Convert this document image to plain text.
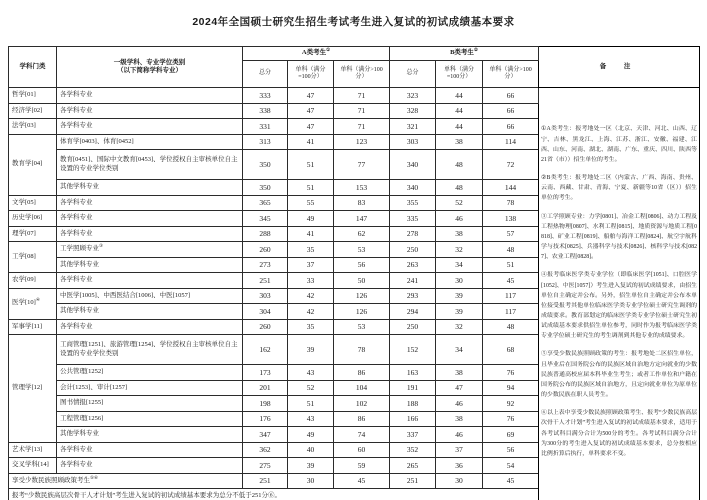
2024年全国硕士研究生招生考试考生进入复试的初试成绩基本要求
学科门类	一级学科、专业学位类别
（以下简称学科专业）	A类考生①			B类考生②			备 注
		总分	单科（满分=100分）	单科（满分>100分）	总分	单科（满分=100分）	单科（满分>100分）	
哲学[01]	各学科专业	333	47	71	323	44	66	

①A类考生：报考地处一区（北京、天津、河北、山西、辽宁、吉林、黑龙江、上海、江苏、浙江、安徽、福建、江西、山东、河南、湖北、湖南、广东、重庆、四川、陕西等21省（市））招生单位的考生。

②B类考生：报考地处二区（内蒙古、广西、海南、贵州、云南、西藏、甘肃、青海、宁夏、新疆等10省（区））招生单位的考生。

③工学照顾专业：力学[0801]、冶金工程[0806]、动力工程及工程热物理[0807]、水利工程[0815]、地质资源与地质工程[0818]、矿业工程[0819]、船舶与海洋工程[0824]、航空宇航科学与技术[0825]、兵器科学与技术[0826]、核科学与技术[0827]、农业工程[0828]。

④报考临床医学类专业学位（即临床医学[1051]、口腔医学[1052]、中医[1057]）考生进入复试的初试成绩要求，由招生单位自主确定并公布。另外，招生单位自主确定并公布本单位接受报考其他单位临床医学类专业学位硕士研究生调剂的成绩要求。教育部划定的临床医学类专业学位硕士研究生初试成绩基本要求供招生单位参考，同时作为报考临床医学类专业学位硕士研究生的考生调剂到其他专业的成绩要求。

⑤享受少数民族照顾政策的考生：报考地处二区招生单位，且毕业后在国务院公布的民族区域自治地方定向就业的少数民族普通高校应届本科毕业生考生；或者工作单位和户籍在国务院公布的民族区域自治地方，且定向就业单位为原单位的少数民族在职人员考生。

⑥以上表中享受少数民族照顾政策考生、报考“少数民族高层次骨干人才计划”考生进入复试的初试成绩基本要求，适用于各考试科目满分合计为500分的考生。各考试科目满分合计为300分的考生进入复试的初试成绩基本要求，总分按相应比例折算后执行，单科要求不变。

经济学[02]	各学科专业	338	47	71	328	44	66	
法学[03]	各学科专业	331	47	71	321	44	66	
教育学[04]	体育学[0403]、体育[0452]	313	41	123	303	38	114	
	教育[0451]、国际中文教育[0453]、学位授权自主审核单位自主设置的专业学位类别	350	51	77	340	48	72	
	其他学科专业	350	51	153	340	48	144	
文学[05]	各学科专业	365	55	83	355	52	78	
历史学[06]	各学科专业	345	49	147	335	46	138	
理学[07]	各学科专业	288	41	62	278	38	57	
工学[08]	工学照顾专业③	260	35	53	250	32	48	
	其他学科专业	273	37	56	263	34	51	
农学[09]	各学科专业	251	33	50	241	30	45	
医学[10]④	中医学[1005]、中西医结合[1006]、中医[1057]	303	42	126	293	39	117	
	其他学科专业	304	42	126	294	39	117	
军事学[11]	各学科专业	260	35	53	250	32	48	
管理学[12]	工商管理[1251]、旅游管理[1254]、学位授权自主审核单位自主设置的专业学位类别	162	39	78	152	34	68	
	公共管理[1252]	173	43	86	163	38	76	
	会计[1253]、审计[1257]	201	52	104	191	47	94	
	图书情报[1255]	198	51	102	188	46	92	
	工程管理[1256]	176	43	86	166	38	76	
	其他学科专业	347	49	74	337	46	69	
艺术学[13]	各学科专业	362	40	60	352	37	56	
交叉学科[14]	各学科专业	275	39	59	265	36	54	
享受少数民族照顾政策考生⑤⑥		251	30	45	251	30	45	
报考“少数民族高层次骨干人才计划”考生进入复试的初试成绩基本要求为总分不低于251分⑥。								
